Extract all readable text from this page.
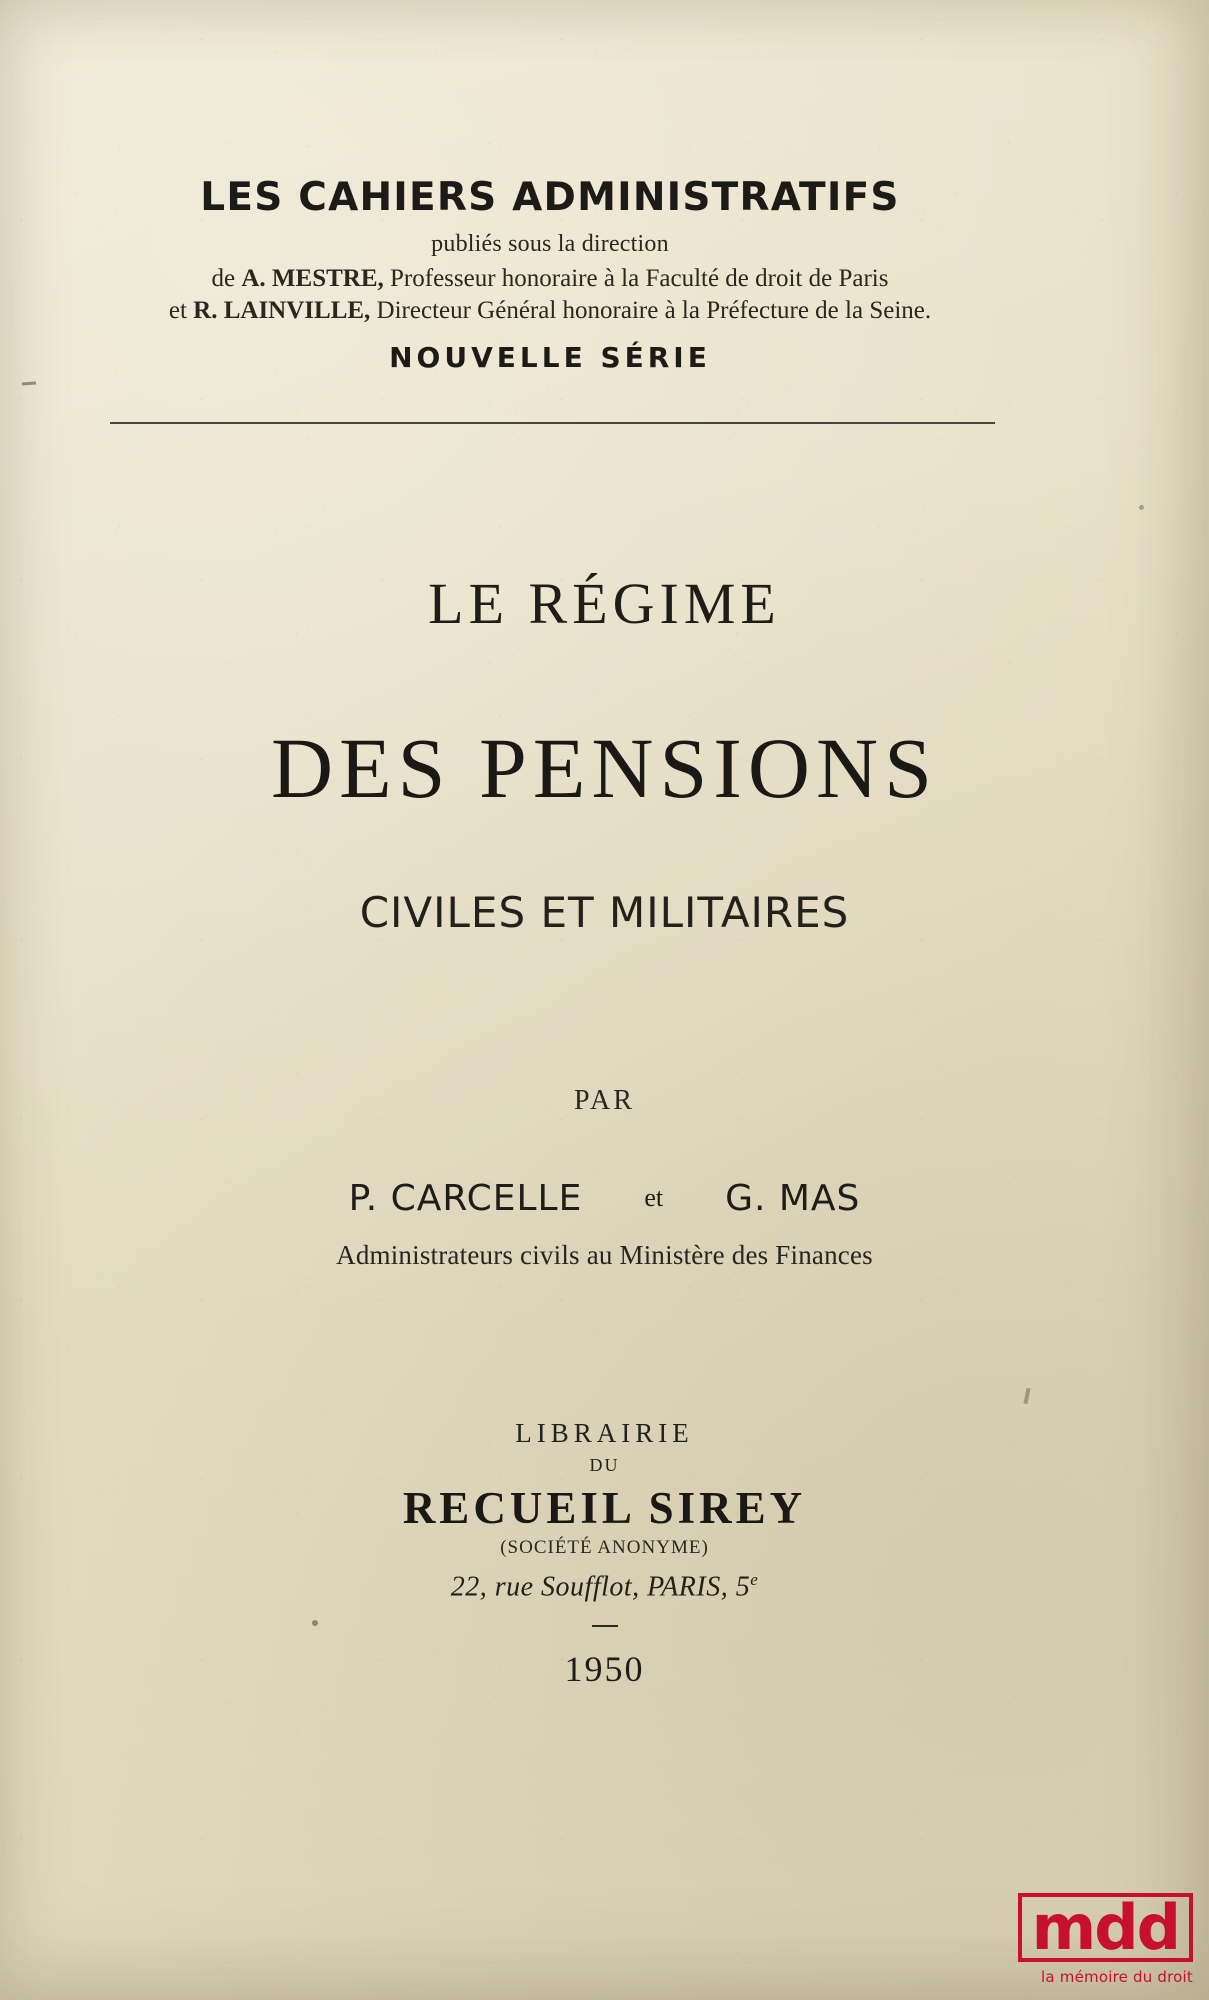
LES CAHIERS ADMINISTRATIFS
publiés sous la direction
de A. MESTRE, Professeur honoraire à la Faculté de droit de Paris
et R. LAINVILLE, Directeur Général honoraire à la Préfecture de la Seine.
NOUVELLE SÉRIE
LE RÉGIME
DES PENSIONS
CIVILES ET MILITAIRES
PAR
P. CARCELLE et G. MAS
Administrateurs civils au Ministère des Finances
LIBRAIRIE
DU
RECUEIL SIREY
(SOCIÉTÉ ANONYME)
22, rue Soufflot, PARIS, 5e
1950
mdd
la mémoire du droit
